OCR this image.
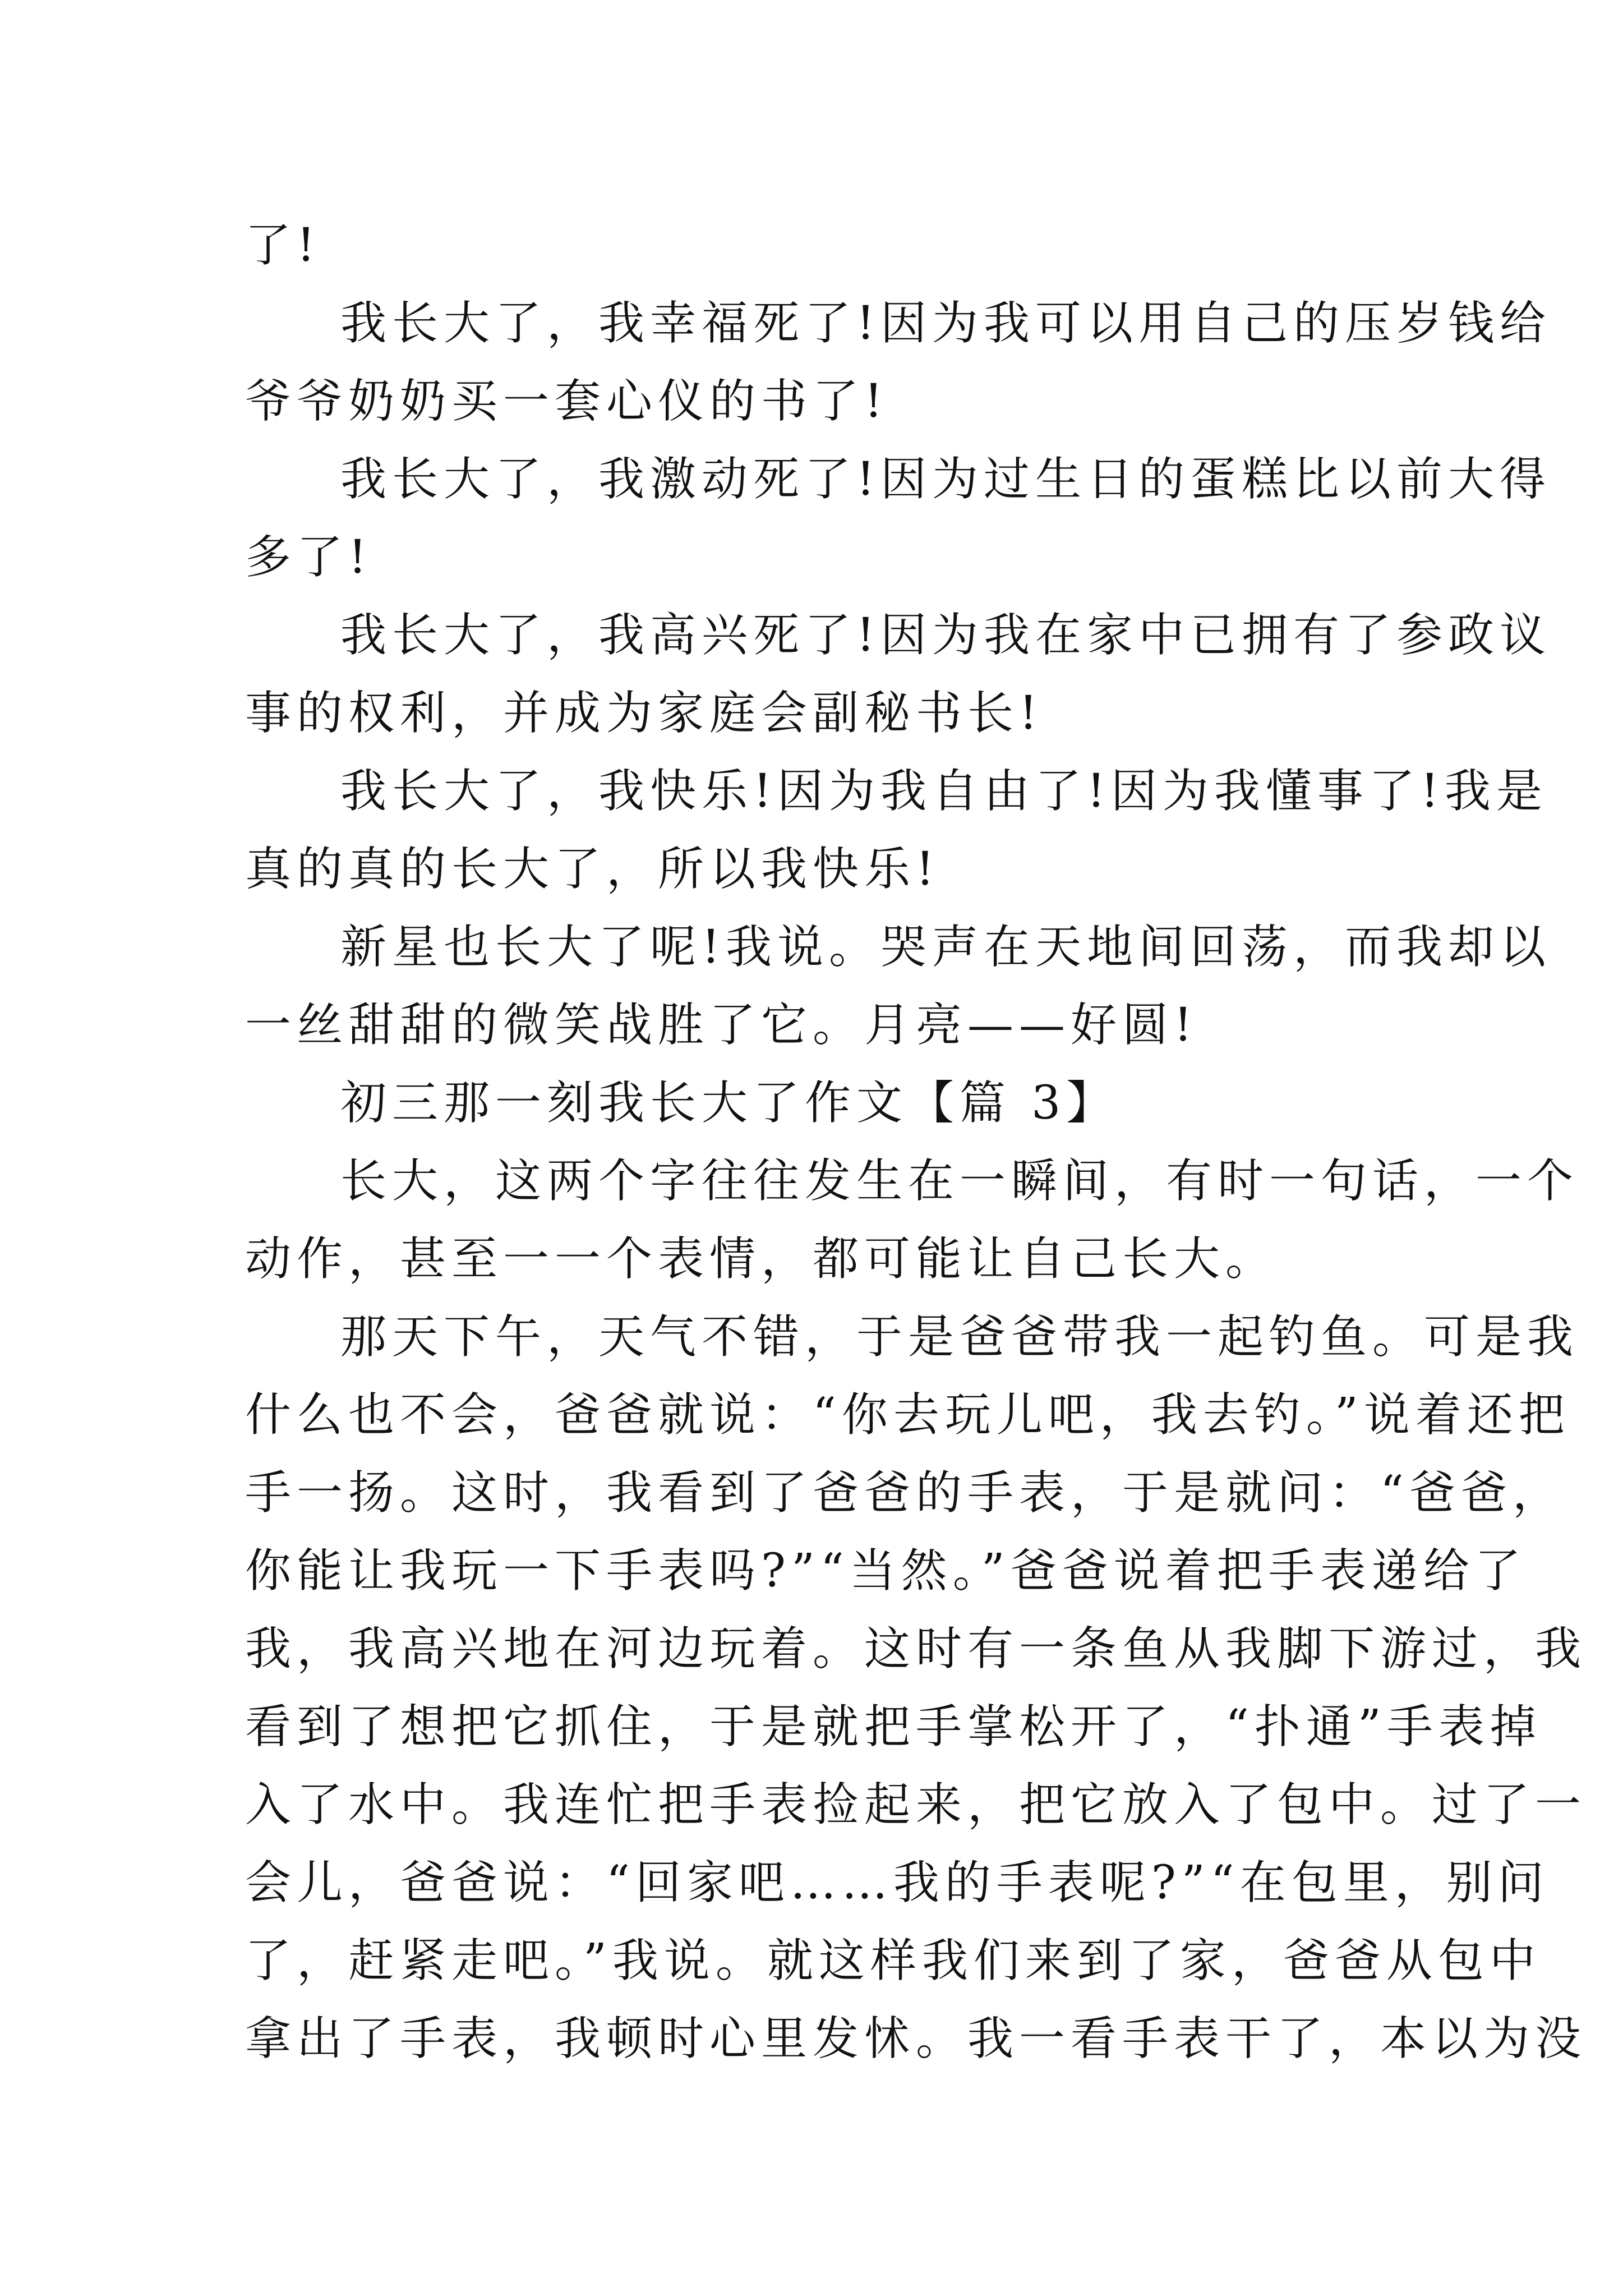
了!
我长大了，我幸福死了!因为我可以用自己的压岁钱给
爷爷奶奶买一套心仪的书了!
我长大了，我激动死了!因为过生日的蛋糕比以前大得
多了!
我长大了，我高兴死了!因为我在家中已拥有了参政议
事的权利，并成为家庭会副秘书长!
我长大了，我快乐!因为我自由了!因为我懂事了!我是
真的真的长大了，所以我快乐!
新星也长大了呢!我说。哭声在天地间回荡，而我却以
一丝甜甜的微笑战胜了它。月亮——好圆!
初三那一刻我长大了作文【篇 3】
长大，这两个字往往发生在一瞬间，有时一句话，一个
动作，甚至一一个表情，都可能让自己长大。
那天下午，天气不错，于是爸爸带我一起钓鱼。可是我
什么也不会，爸爸就说：“你去玩儿吧，我去钓。”说着还把
手一扬。这时，我看到了爸爸的手表，于是就问：“爸爸，
你能让我玩一下手表吗?”“当然。”爸爸说着把手表递给了
我，我高兴地在河边玩着。这时有一条鱼从我脚下游过，我
看到了想把它抓住，于是就把手掌松开了，“扑通”手表掉
入了水中。我连忙把手表捡起来，把它放入了包中。过了一
会儿，爸爸说：“回家吧……我的手表呢?”“在包里，别问
了，赶紧走吧。”我说。就这样我们来到了家，爸爸从包中
拿出了手表，我顿时心里发怵。我一看手表干了，本以为没
